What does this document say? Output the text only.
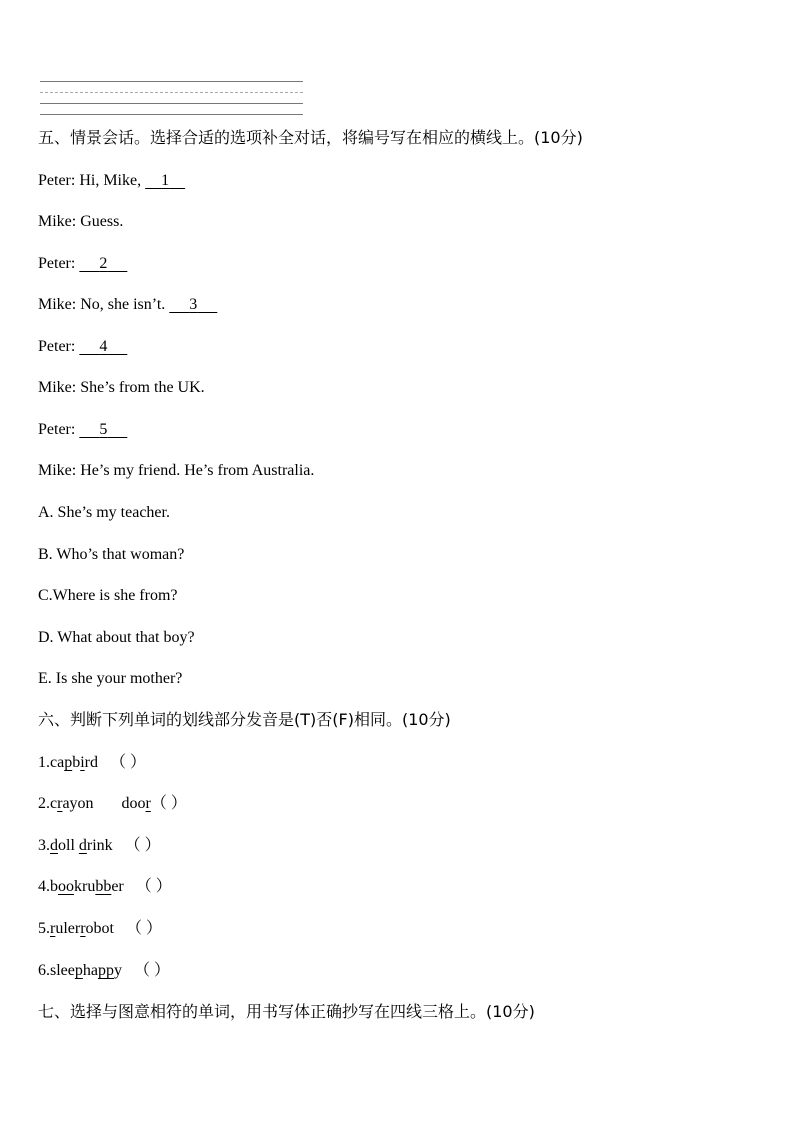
五、情景会话。选择合适的选项补全对话，将编号写在相应的横线上。(10分)
Peter: Hi, Mike,     1
Mike: Guess.
Peter: 2
Mike: No, she isn’t.      3
Peter: 4
Mike: She’s from the UK.
Peter: 5
Mike: He’s my friend. He’s from Australia.
A. She’s my teacher.
B. Who’s that woman?
C.Where is she from?
D. What about that boy?
E. Is she your mother?
六、判断下列单词的划线部分发音是(T)否(F)相同。(10分)
1.capbird （ ）
2.crayon door（ ）
3.doll drink （ ）
4.bookrubber （ ）
5.rulerrobot （ ）
6.sleephappy （ ）
七、选择与图意相符的单词，用书写体正确抄写在四线三格上。(10分)
